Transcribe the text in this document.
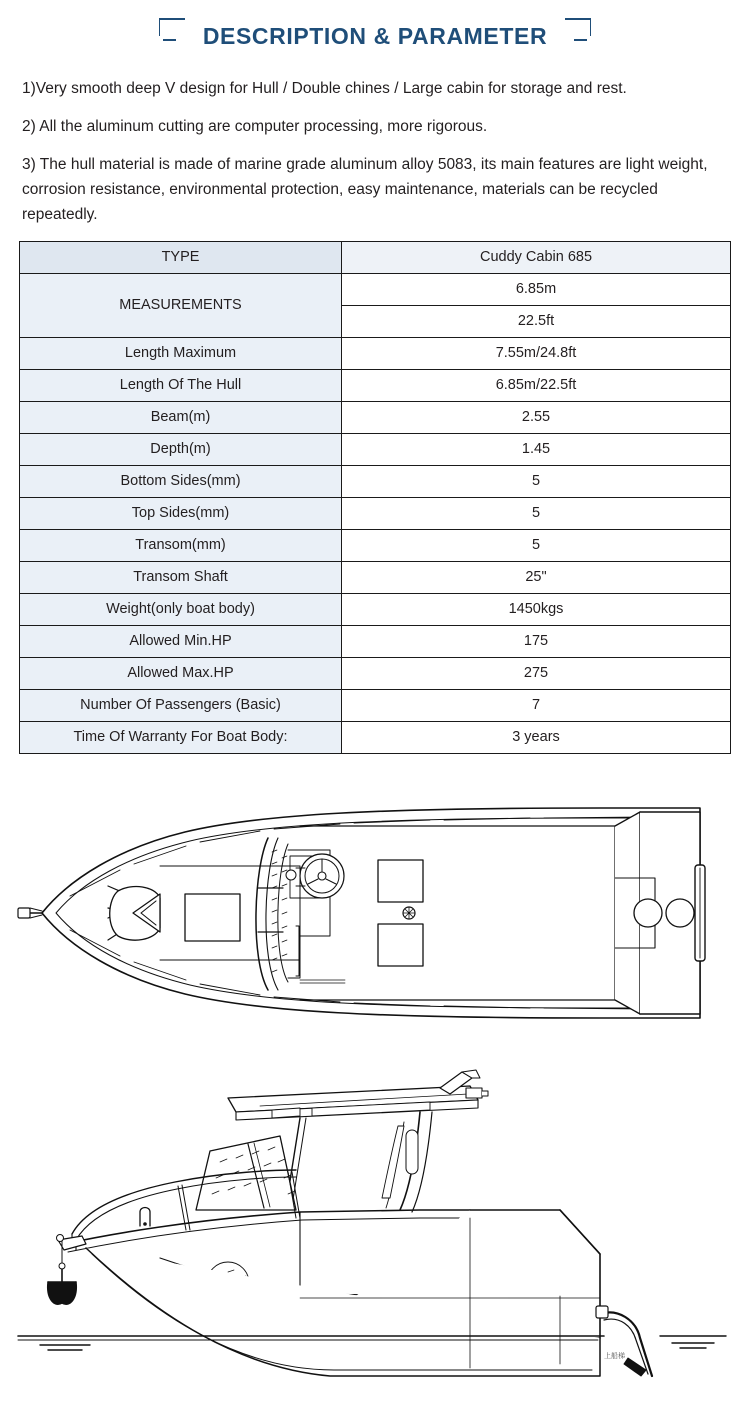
DESCRIPTION & PARAMETER

1)Very smooth deep V design for Hull / Double chines / Large cabin for storage and rest.

2) All the aluminum cutting are computer processing, more rigorous.

3) The hull material is made of marine grade aluminum alloy 5083, its main features are light weight, corrosion resistance, environmental protection, easy maintenance, materials can be recycled repeatedly.

TYPE	Cuddy Cabin 685
MEASUREMENTS	6.85m
	22.5ft
Length Maximum	7.55m/24.8ft
Length Of The Hull	6.85m/22.5ft
Beam(m)	2.55
Depth(m)	1.45
Bottom Sides(mm)	5
Top Sides(mm)	5
Transom(mm)	5
Transom Shaft	25"
Weight(only boat body)	1450kgs
Allowed Min.HP	175
Allowed Max.HP	275
Number Of Passengers (Basic)	7
Time Of Warranty For Boat Body:	3 years
上船梯
